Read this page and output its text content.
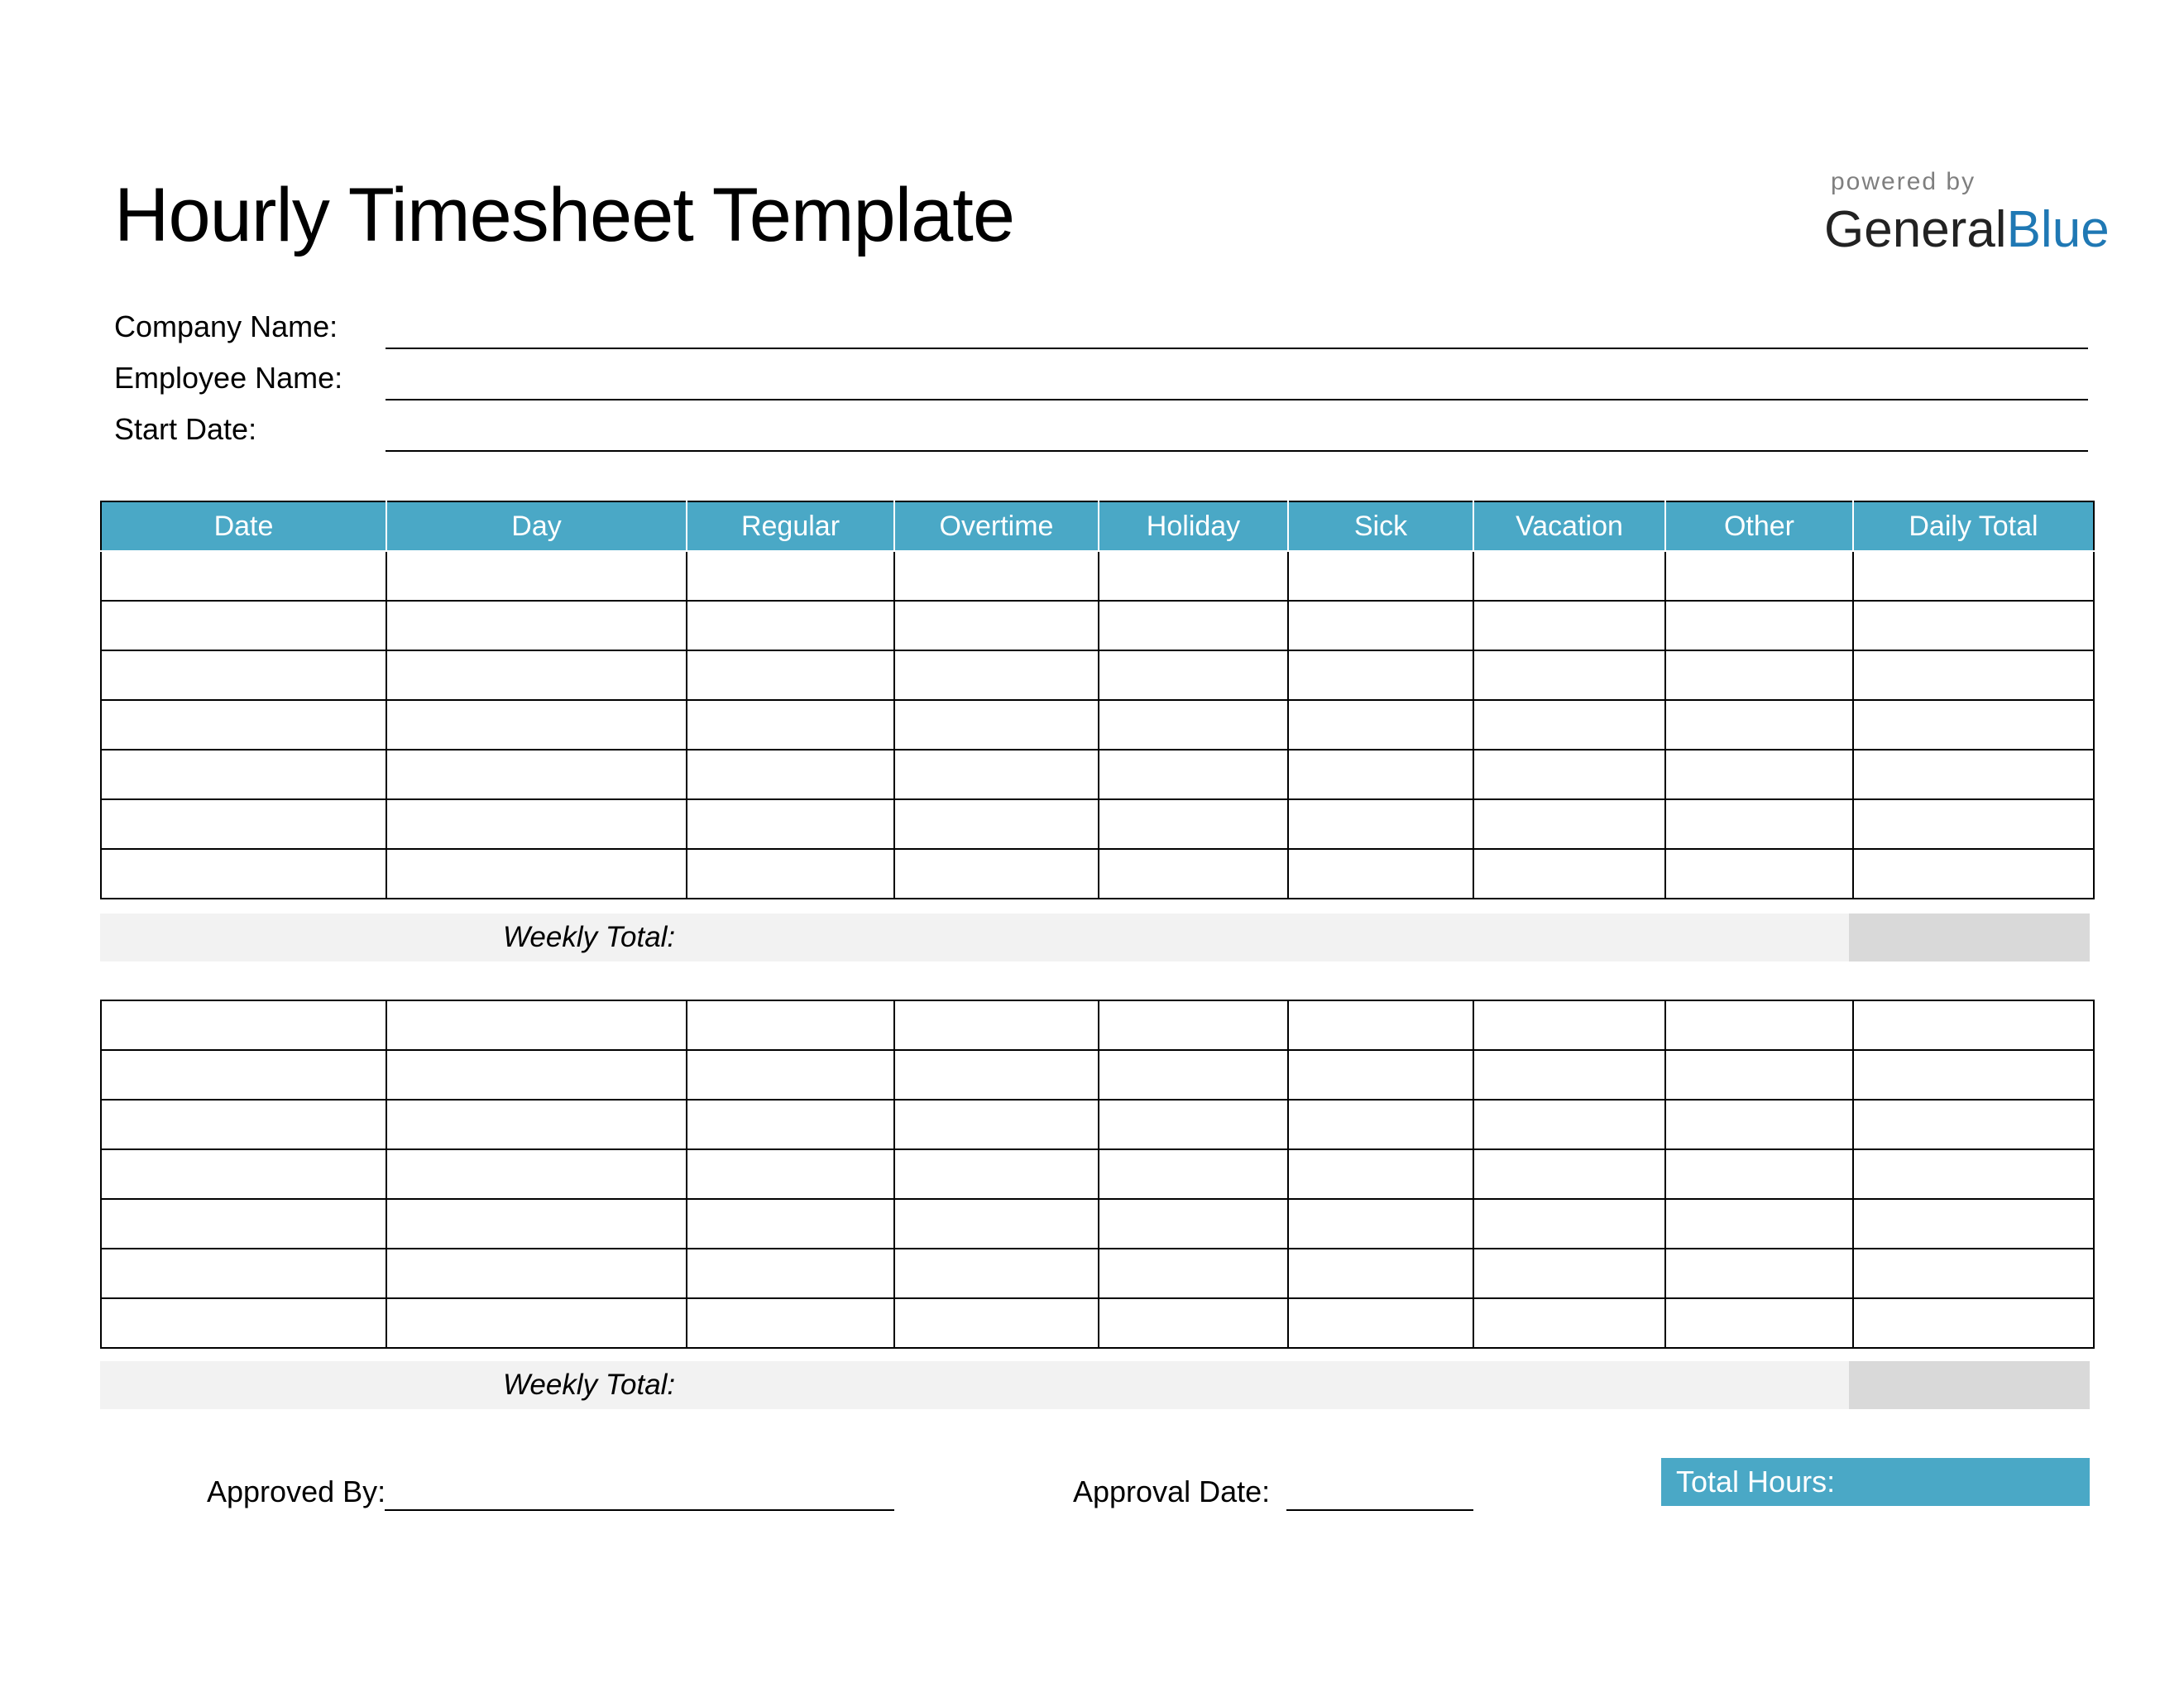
Hourly Timesheet Template	powered by
GeneralBlue
Company Name:
Employee Name:
Start Date:
Date	Day	Regular	Overtime	Holiday	Sick	Vacation	Other	Daily Total

Weekly Total:

Weekly Total:
Approved By:	Approval Date:	Total Hours:
